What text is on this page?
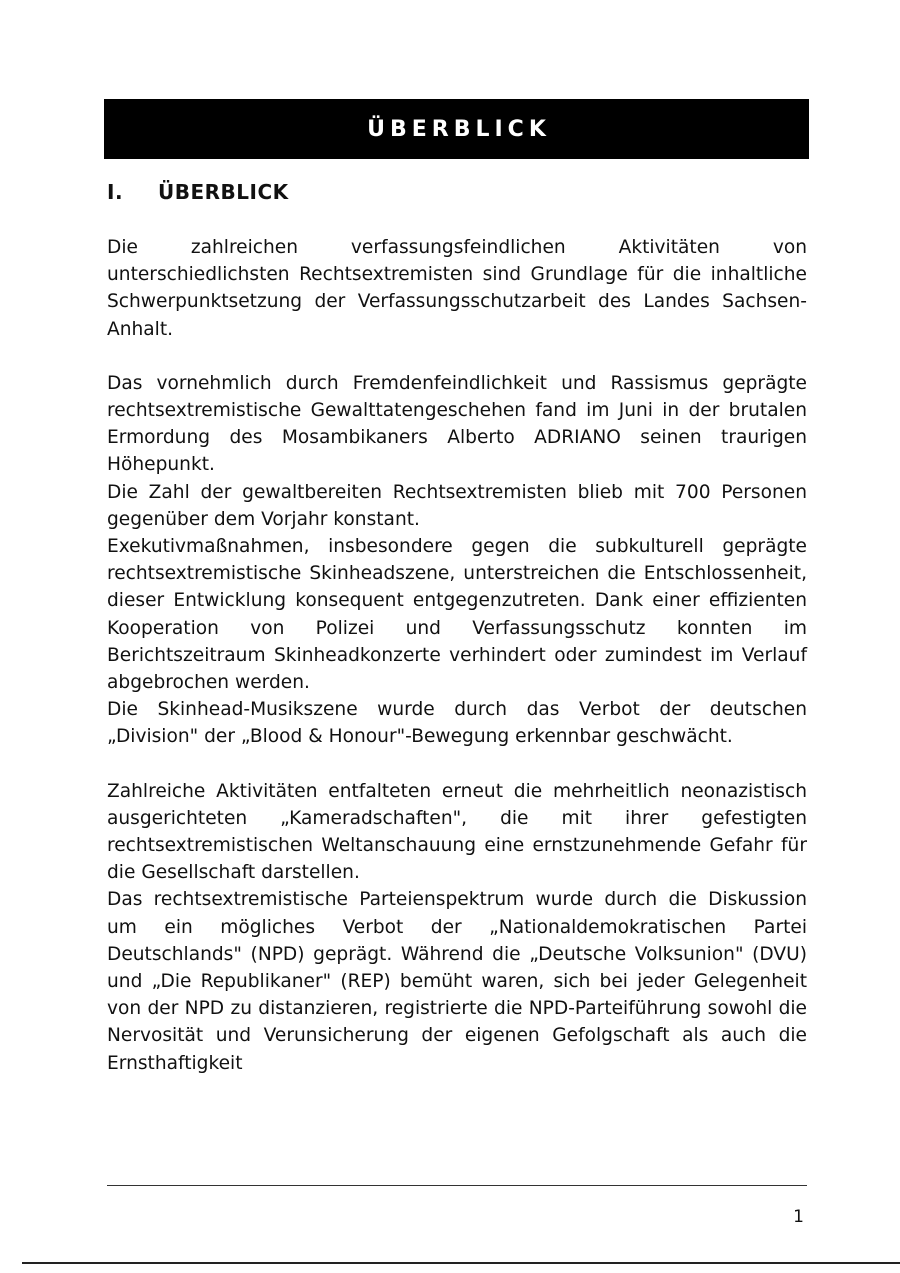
ÜBERBLICK
I. ÜBERBLICK

Die zahlreichen verfassungsfeindlichen Aktivitäten von unterschiedlichsten Rechtsextremisten sind Grundlage für die inhaltliche Schwerpunktsetzung der Verfassungsschutzarbeit des Landes Sachsen-Anhalt.

Das vornehmlich durch Fremdenfeindlichkeit und Rassismus geprägte rechtsextremistische Gewalttatengeschehen fand im Juni in der brutalen Ermordung des Mosambikaners Alberto ADRIANO seinen traurigen Höhepunkt.

Die Zahl der gewaltbereiten Rechtsextremisten blieb mit 700 Personen gegenüber dem Vorjahr konstant.

Exekutivmaßnahmen, insbesondere gegen die subkulturell geprägte rechtsextremistische Skinheadszene, unterstreichen die Entschlossenheit, dieser Entwicklung konsequent entgegenzutreten. Dank einer effizienten Kooperation von Polizei und Verfassungsschutz konnten im Berichtszeitraum Skinheadkonzerte verhindert oder zumindest im Verlauf abgebrochen werden.

Die Skinhead-Musikszene wurde durch das Verbot der deutschen „Division" der „Blood & Honour"-Bewegung erkennbar geschwächt.

Zahlreiche Aktivitäten entfalteten erneut die mehrheitlich neonazistisch ausgerichteten „Kameradschaften", die mit ihrer gefestigten rechtsextremistischen Weltanschauung eine ernstzunehmende Gefahr für die Gesellschaft darstellen.

Das rechtsextremistische Parteienspektrum wurde durch die Diskussion um ein mögliches Verbot der „Nationaldemokratischen Partei Deutschlands" (NPD) geprägt. Während die „Deutsche Volksunion" (DVU) und „Die Republikaner" (REP) bemüht waren, sich bei jeder Gelegenheit von der NPD zu distanzieren, registrierte die NPD-Parteiführung sowohl die Nervosität und Verunsicherung der eigenen Gefolgschaft als auch die Ernsthaftigkeit

1
